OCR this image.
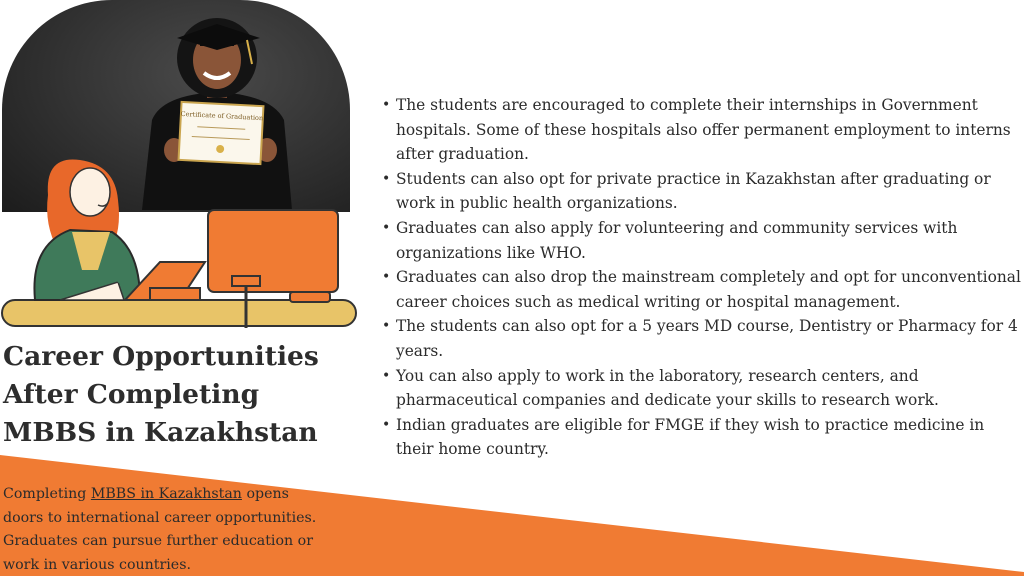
Certificate of Graduation
Career Opportunities After Completing MBBS in Kazakhstan

Completing MBBS in Kazakhstan opens doors to international career opportunities. Graduates can pursue further education or work in various countries.

• The students are encouraged to complete their internships in Government hospitals. Some of these hospitals also offer permanent employment to interns after graduation.
• Students can also opt for private practice in Kazakhstan after graduating or work in public health organizations.
• Graduates can also apply for volunteering and community services with organizations like WHO.
• Graduates can also drop the mainstream completely and opt for unconventional career choices such as medical writing or hospital management.
• The students can also opt for a 5 years MD course, Dentistry or Pharmacy for 4 years.
• You can also apply to work in the laboratory, research centers, and pharmaceutical companies and dedicate your skills to research work.
• Indian graduates are eligible for FMGE if they wish to practice medicine in their home country.
